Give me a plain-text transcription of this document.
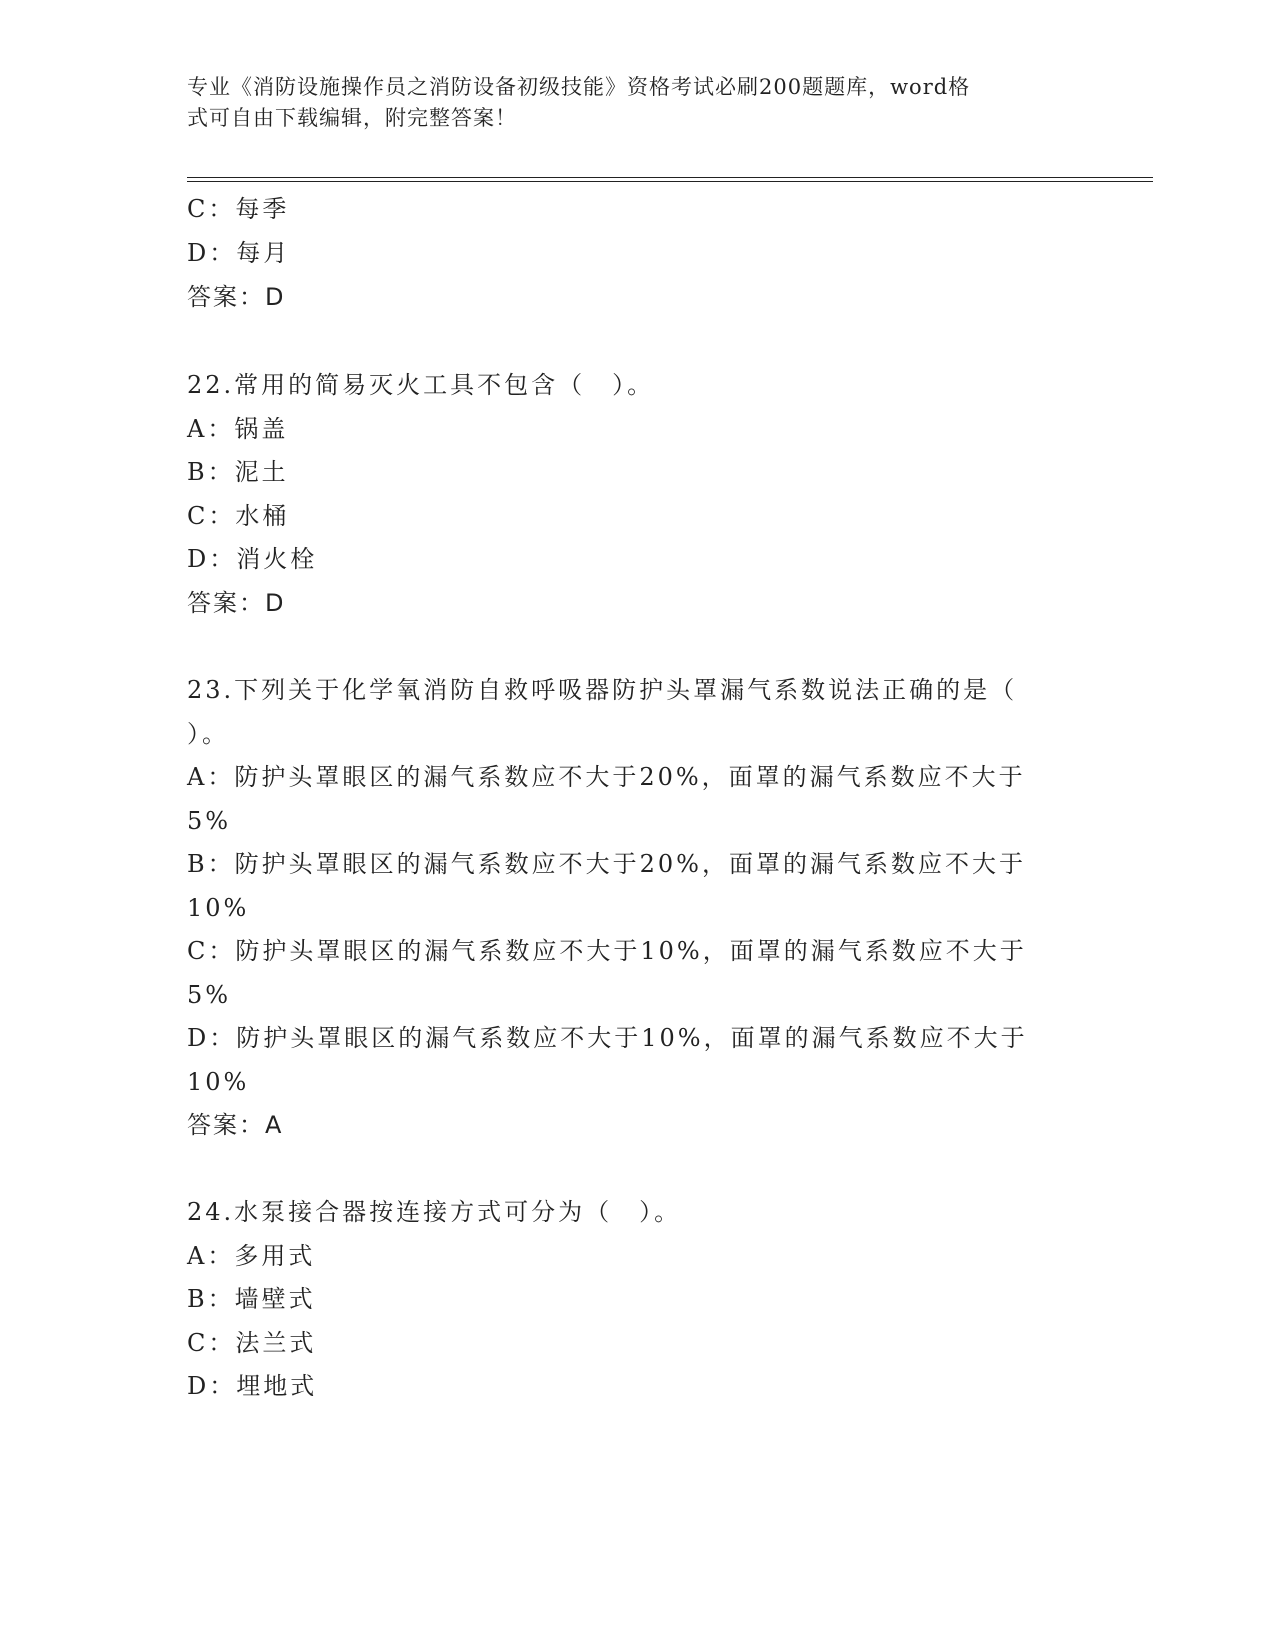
专业《消防设施操作员之消防设备初级技能》资格考试必刷200题题库，word格
式可自由下载编辑，附完整答案！
C：每季
D：每月
答案：D
22.常用的简易灭火工具不包含（　）。
A：锅盖
B：泥土
C：水桶
D：消火栓
答案：D
23.下列关于化学氧消防自救呼吸器防护头罩漏气系数说法正确的是（
）。
A：防护头罩眼区的漏气系数应不大于20%，面罩的漏气系数应不大于
5%
B：防护头罩眼区的漏气系数应不大于20%，面罩的漏气系数应不大于
10%
C：防护头罩眼区的漏气系数应不大于10%，面罩的漏气系数应不大于
5%
D：防护头罩眼区的漏气系数应不大于10%，面罩的漏气系数应不大于
10%
答案：A
24.水泵接合器按连接方式可分为（　）。
A：多用式
B：墙壁式
C：法兰式
D：埋地式
